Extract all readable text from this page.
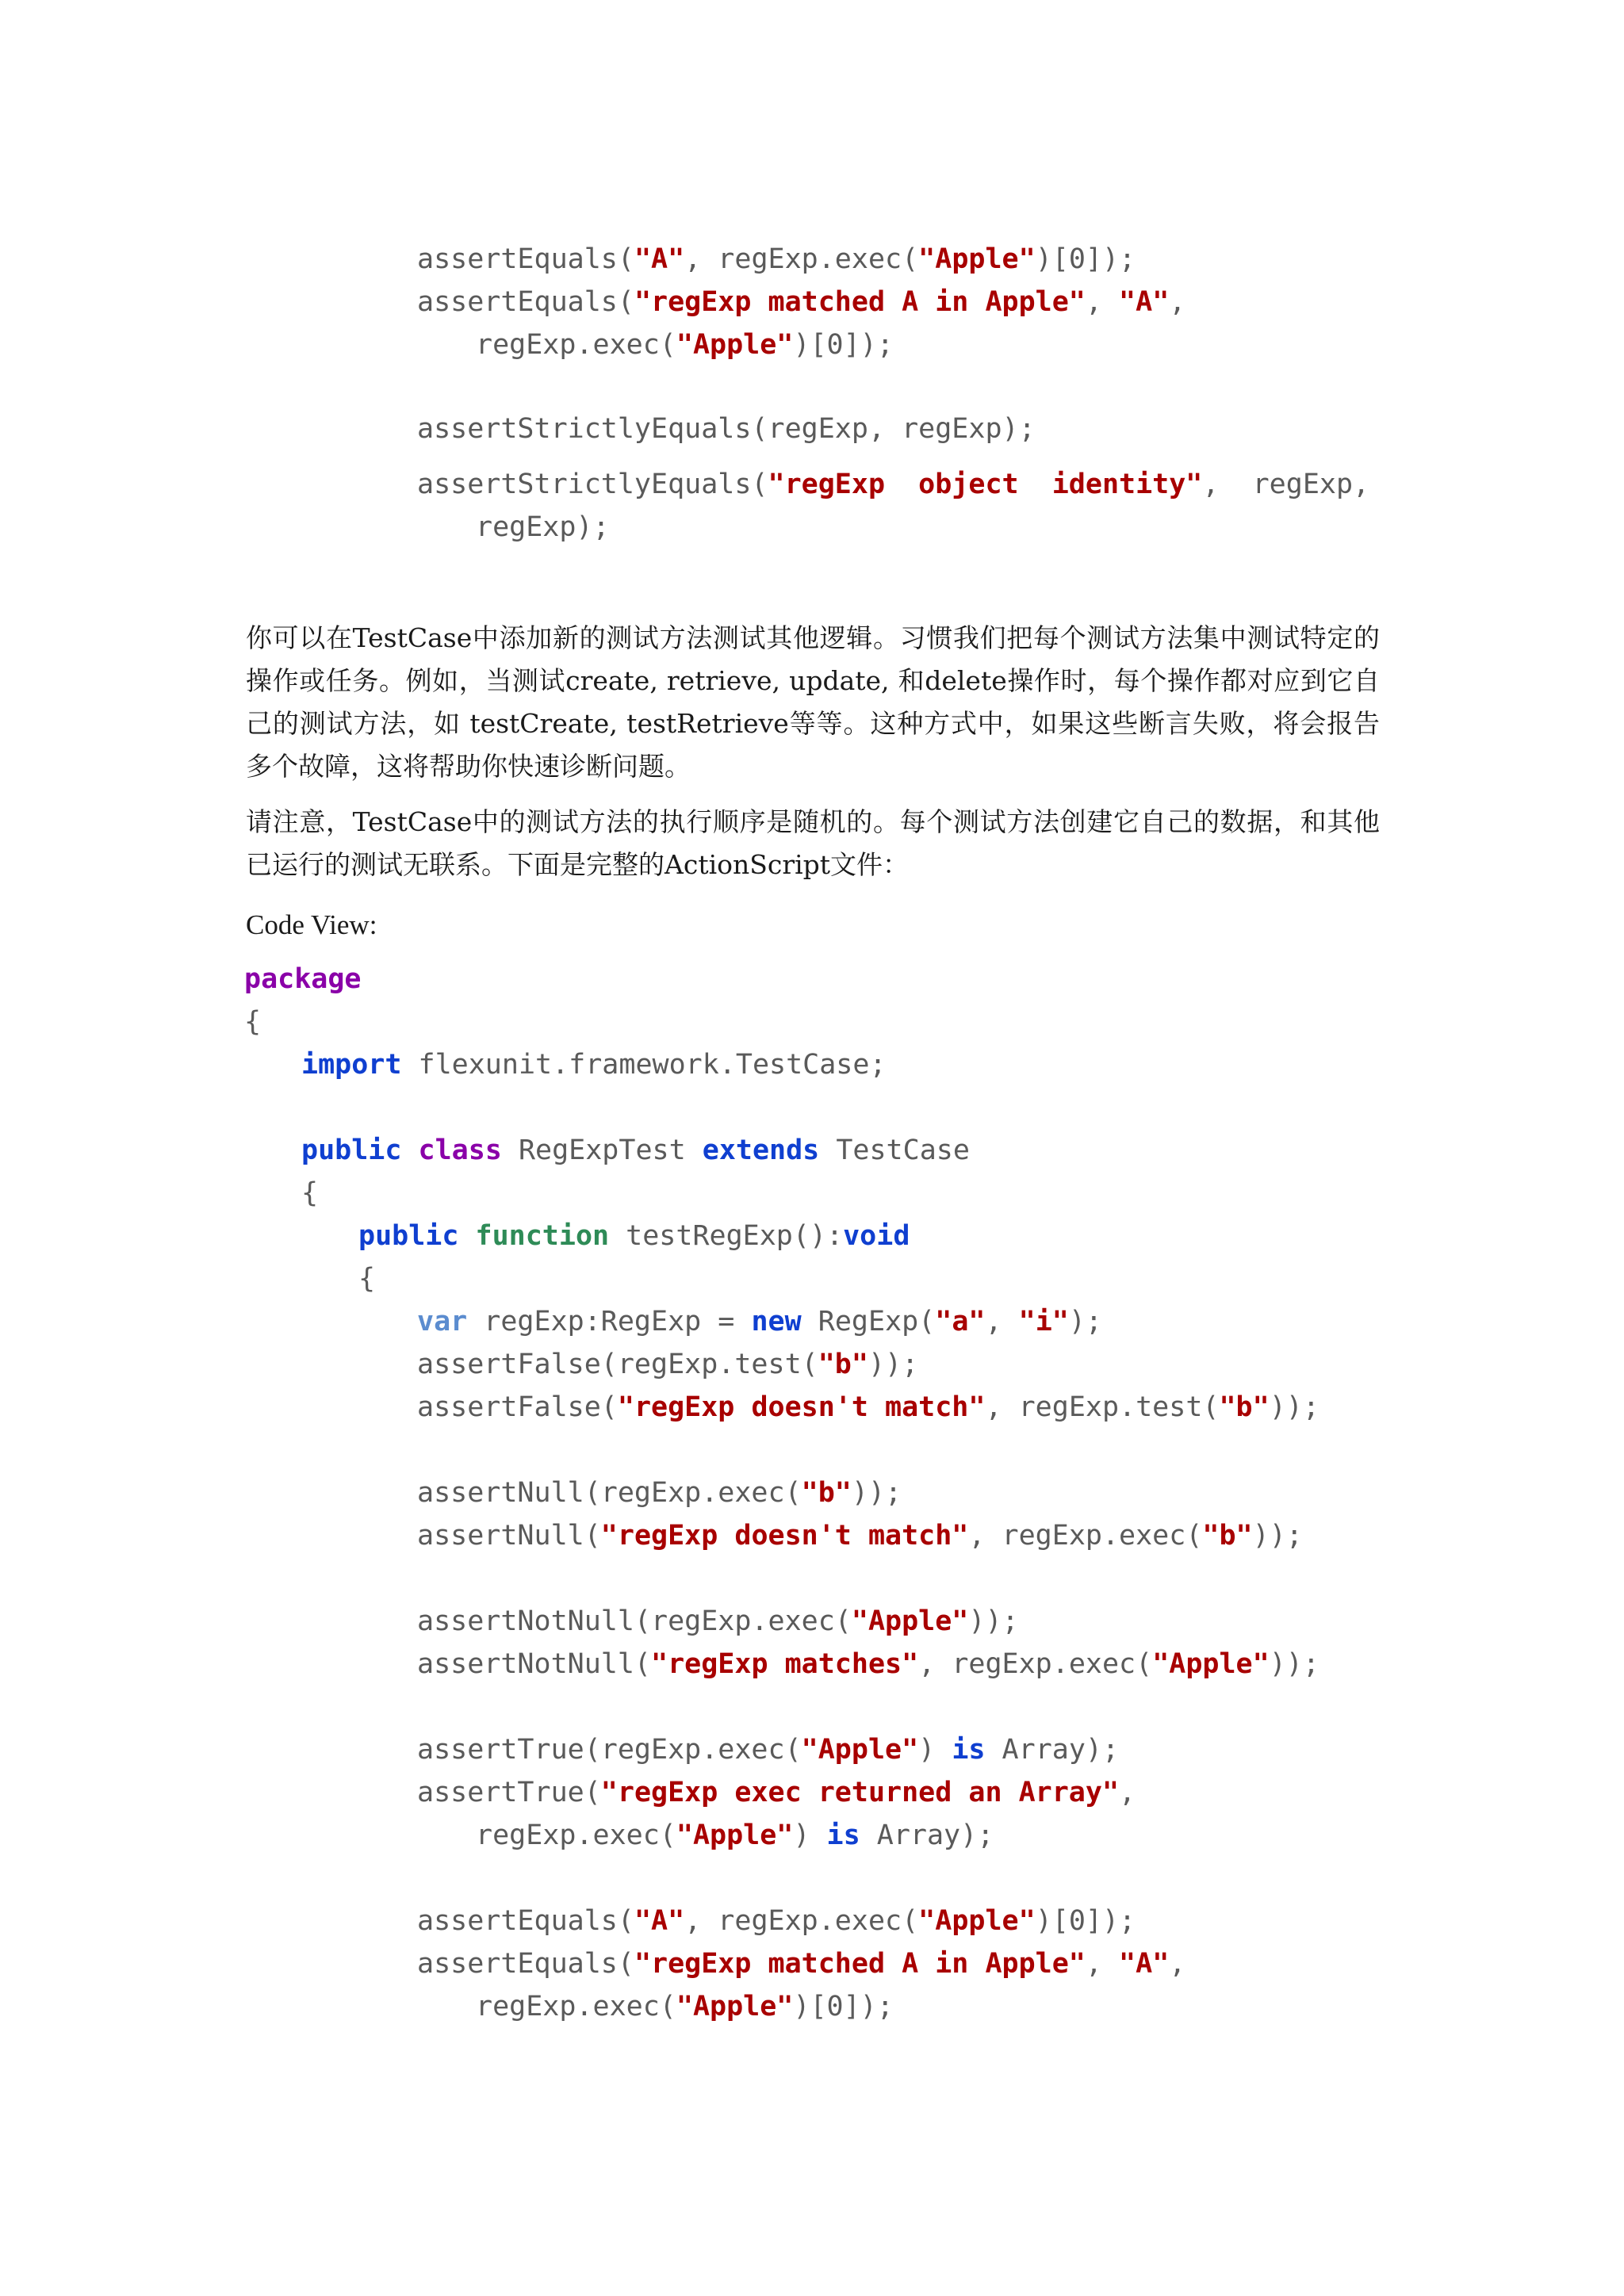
assertEquals("A", regExp.exec("Apple")[0]);
assertEquals("regExp matched A in Apple", "A",
regExp.exec("Apple")[0]);
assertStrictlyEquals(regExp, regExp);
assertStrictlyEquals("regExp  object  identity",  regExp,
regExp);

你可以在TestCase中添加新的测试方法测试其他逻辑。习惯我们把每个测试方法集中测试特定的操作或任务。例如，当测试create, retrieve, update, 和delete操作时，每个操作都对应到它自己的测试方法，如 testCreate, testRetrieve等等。这种方式中，如果这些断言失败，将会报告多个故障，这将帮助你快速诊断问题。

请注意，TestCase中的测试方法的执行顺序是随机的。每个测试方法创建它自己的数据，和其他已运行的测试无联系。下面是完整的ActionScript文件：

Code View:
package
{
import flexunit.framework.TestCase;
public class RegExpTest extends TestCase
{
public function testRegExp():void
{
var regExp:RegExp = new RegExp("a", "i");
assertFalse(regExp.test("b"));
assertFalse("regExp doesn't match", regExp.test("b"));
assertNull(regExp.exec("b"));
assertNull("regExp doesn't match", regExp.exec("b"));
assertNotNull(regExp.exec("Apple"));
assertNotNull("regExp matches", regExp.exec("Apple"));
assertTrue(regExp.exec("Apple") is Array);
assertTrue("regExp exec returned an Array",
regExp.exec("Apple") is Array);
assertEquals("A", regExp.exec("Apple")[0]);
assertEquals("regExp matched A in Apple", "A",
regExp.exec("Apple")[0]);
